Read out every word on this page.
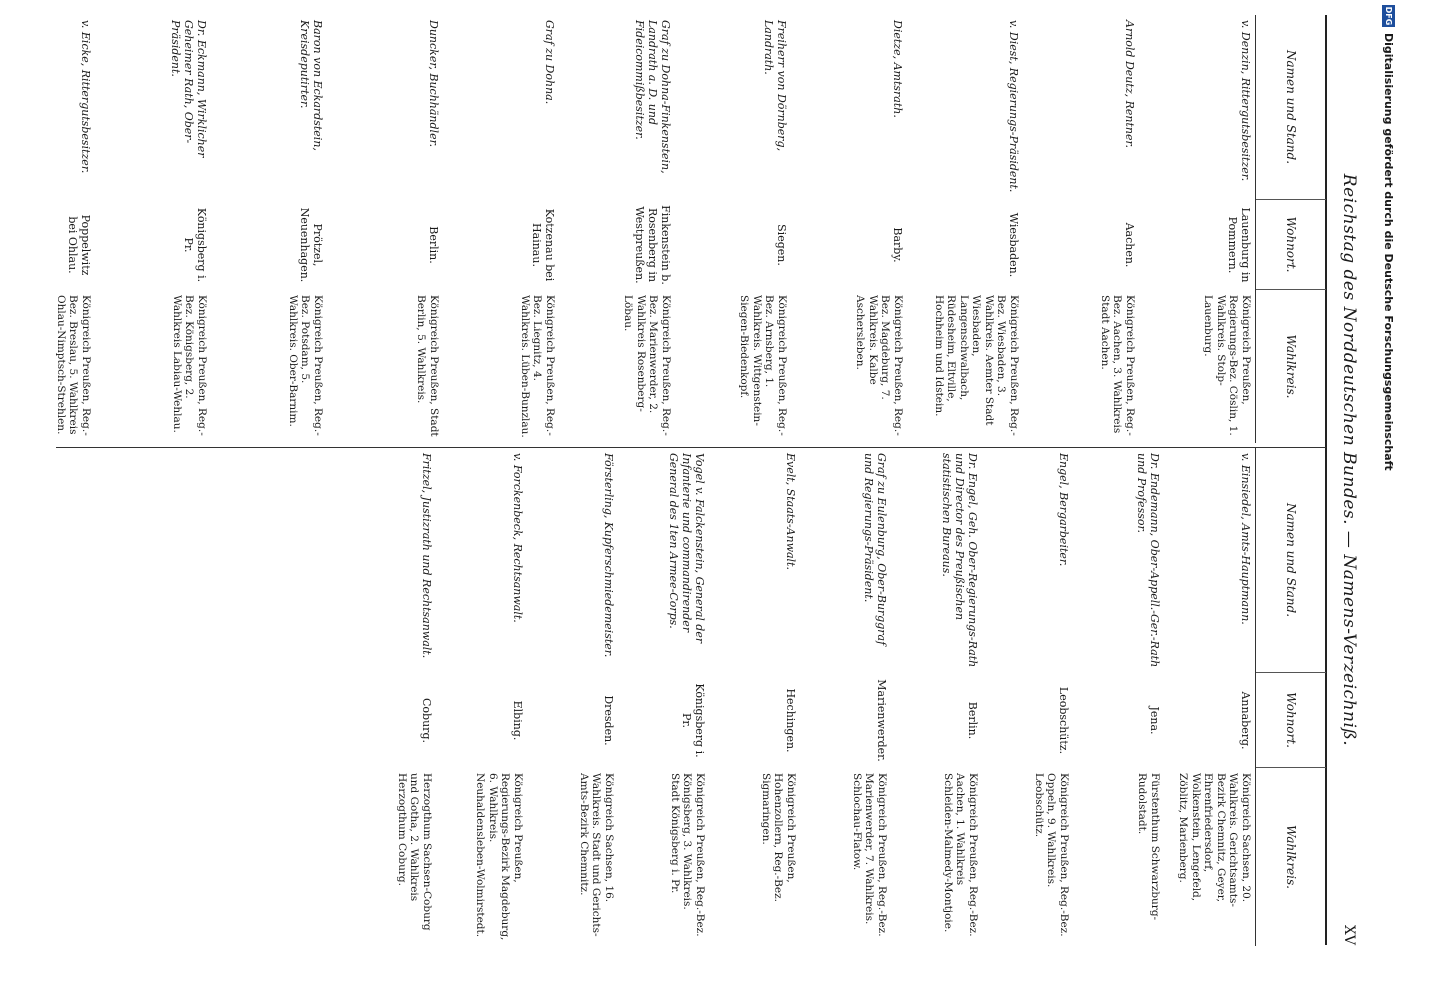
Reichstag des Norddeutschen Bundes. — Namens-Verzeichniß.
XV
Namen und Stand.
Wohnort.
Wahlkreis.
v. Denzin, Rittergutsbesitzer.
Lauenburg in Pommern.
Königreich Preußen, Regierungs-Bez. Cöslin, 1. Wahlkreis. Stolp-Lauenburg.
Arnold Deutz, Rentner.
Aachen.
Königreich Preußen, Reg.-Bez. Aachen, 3. Wahlkreis Stadt Aachen.
v. Diest, Regierungs-Präsident.
Wiesbaden.
Königreich Preußen, Reg.-Bez. Wiesbaden, 3. Wahlkreis. Aemter Stadt Wiesbaden, Langenschwalbach, Rüdesheim, Eltville, Hochheim und Idstein.
Dietze, Amtsrath.
Barby.
Königreich Preußen, Reg.-Bez. Magdeburg, 7. Wahlkreis. Kalbe Aschersleben.
Freiherr von Dörnberg, Landrath.
Siegen.
Königreich Preußen, Reg.-Bez. Arnsberg, 1. Wahlkreis. Wittgenstein-Siegen-Biedenkopf.
Graf zu Dohna-Finkenstein, Landrath a. D. und Fideicommißbesitzer.
Finkenstein b. Rosenberg in Westpreußen.
Königreich Preußen, Reg.-Bez. Marienwerder, 2. Wahlkreis Rosenberg-Löbau.
Graf zu Dohna.
Kotzenau bei Hainau.
Königreich Preußen, Reg.-Bez. Liegnitz, 4. Wahlkreis. Lüben-Bunzlau.
Duncker, Buchhändler.
Berlin.
Königreich Preußen, Stadt Berlin, 5. Wahlkreis.
Baron von Eckardstein, Kreisdeputirter.
Prötzel, Neuenhagen.
Königreich Preußen, Reg.-Bez. Potsdam, 5. Wahlkreis. Ober-Barnim.
Dr. Eckmann, Wirklicher Geheimer Rath, Ober-Präsident.
Königsberg i. Pr.
Königreich Preußen, Reg.-Bez. Königsberg, 2. Wahlkreis Labiau-Wehlau.
v. Eicke, Rittergutsbesitzer.
Poppelwitz bei Ohlau.
Königreich Preußen, Reg.-Bez. Breslau, 5. Wahlkreis Ohlau-Nimptsch-Strehlen.
Namen und Stand.
Wohnort.
Wahlkreis.
v. Einsiedel, Amts-Hauptmann.
Annaberg.
Königreich Sachsen, 20. Wahlkreis. Gerichtsamts-Bezirk Chemnitz, Geyer, Ehrenfriedersdorf, Wolkenstein, Lengefeld, Zöblitz, Marienberg.
Dr. Endemann, Ober-Appell.-Ger.-Rath und Professor.
Jena.
Fürstenthum Schwarzburg-Rudolstadt.
Engel, Bergarbeiter.
Leobschütz.
Königreich Preußen, Reg.-Bez. Oppeln, 9. Wahlkreis. Leobschütz.
Dr. Engel, Geh. Ober-Regierungs-Rath und Director des Preußischen statistischen Bureaus.
Berlin.
Königreich Preußen, Reg.-Bez. Aachen, 1. Wahlkreis Schleiden-Malmedy-Montjoie.
Graf zu Eulenburg, Ober-Burggraf und Regierungs-Präsident.
Marienwerder.
Königreich Preußen, Reg.-Bez. Marienwerder, 7. Wahlkreis. Schlochau-Flatow.
Evelt, Staats-Anwalt.
Hechingen.
Königreich Preußen, Hohenzollern, Reg.-Bez. Sigmaringen.
Vogel v. Falckenstein, General der Infanterie und commandirender General des 1ten Armee-Corps.
Königsberg i. Pr.
Königreich Preußen, Reg.-Bez. Königsberg, 3. Wahlkreis. Stadt Königsberg i. Pr.
Försterling, Kupferschmiedemeister.
Dresden.
Königreich Sachsen, 16. Wahlkreis. Stadt und Gerichts-Amts-Bezirk Chemnitz.
v. Forckenbeck, Rechtsanwalt.
Elbing.
Königreich Preußen, Regierungs-Bezirk Magdeburg, 6. Wahlkreis. Neuhaldensleben-Wolmirstedt.
Fritzel, Justizrath und Rechtsanwalt.
Coburg.
Herzogthum Sachsen-Coburg und Gotha, 2. Wahlkreis Herzogthum Coburg.
DFG
Digitalisierung gefördert durch die Deutsche Forschungsgemeinschaft
